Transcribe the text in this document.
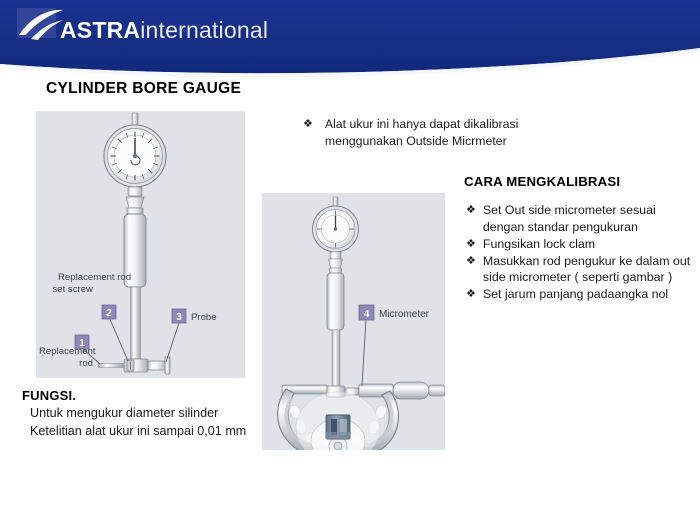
ASTRAinternational
CYLINDER BORE GAUGE
2
Replacement rod
set screw
1
Replacement
rod
3 Probe	4 Micrometer
❖ Alat ukur ini hanya dapat dikalibrasi
menggunakan Outside Micrmeter
CARA MENGKALIBRASI
❖ Set Out side micrometer sesuai dengan standar pengukuran
❖ Fungsikan lock clam
❖ Masukkan rod pengukur ke dalam out side micrometer ( seperti gambar )
❖ Set jarum panjang padaangka nol
FUNGSI.
Untuk mengukur diameter silinder
Ketelitian alat ukur ini sampai 0,01 mm
